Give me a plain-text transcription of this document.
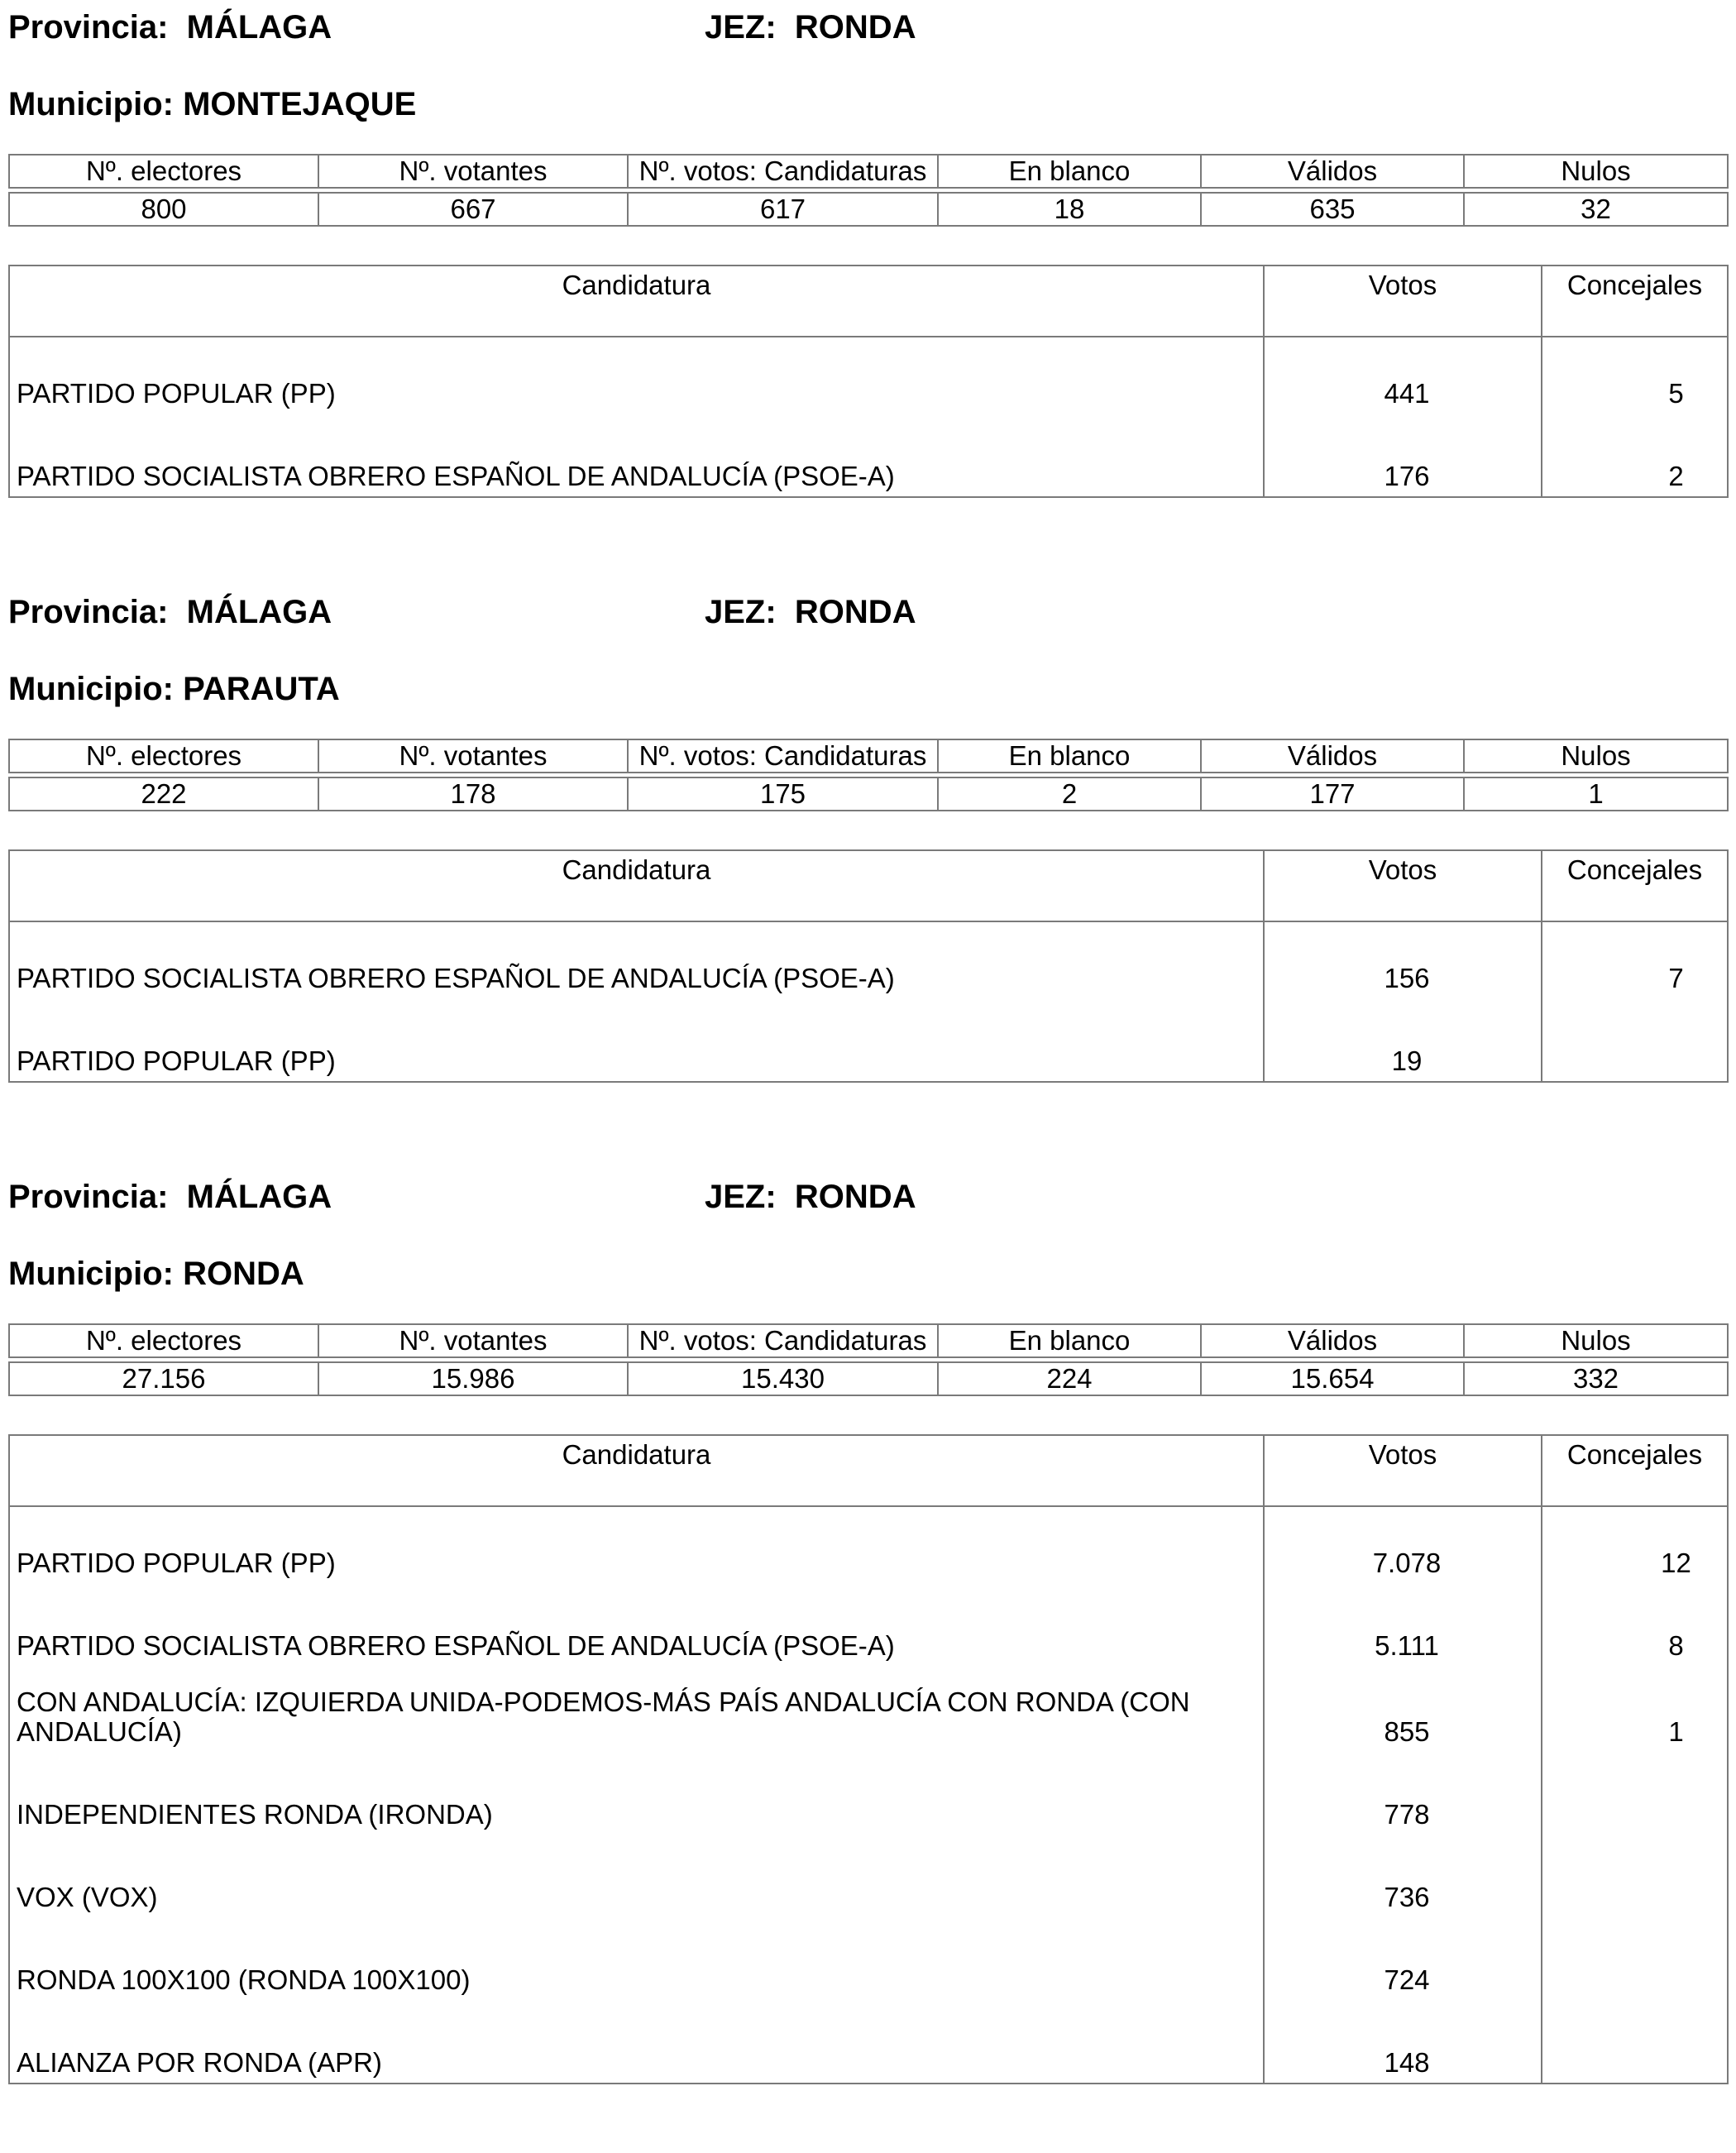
Provincia: MÁLAGA	JEZ: RONDA
Municipio: MONTEJAQUE
Nº. electores	Nº. votantes	Nº. votos: Candidaturas	En blanco	Válidos	Nulos

800	667	617	18	635	32
Candidatura	Votos	Concejales
PARTIDO POPULAR (PP)	441	5
PARTIDO SOCIALISTA OBRERO ESPAÑOL DE ANDALUCÍA (PSOE-A)	176	2
Provincia: MÁLAGA	JEZ: RONDA
Municipio: PARAUTA
Nº. electores	Nº. votantes	Nº. votos: Candidaturas	En blanco	Válidos	Nulos

222	178	175	2	177	1
Candidatura	Votos	Concejales
PARTIDO SOCIALISTA OBRERO ESPAÑOL DE ANDALUCÍA (PSOE-A)	156	7
PARTIDO POPULAR (PP)	19	
Provincia: MÁLAGA	JEZ: RONDA
Municipio: RONDA
Nº. electores	Nº. votantes	Nº. votos: Candidaturas	En blanco	Válidos	Nulos

27.156	15.986	15.430	224	15.654	332
Candidatura	Votos	Concejales
PARTIDO POPULAR (PP)	7.078	12
PARTIDO SOCIALISTA OBRERO ESPAÑOL DE ANDALUCÍA (PSOE-A)	5.111	8
CON ANDALUCÍA: IZQUIERDA UNIDA-PODEMOS-MÁS PAÍS ANDALUCÍA CON RONDA (CON ANDALUCÍA)	855	1
INDEPENDIENTES RONDA (IRONDA)	778	
VOX (VOX)	736	
RONDA 100X100 (RONDA 100X100)	724	
ALIANZA POR RONDA (APR)	148	
